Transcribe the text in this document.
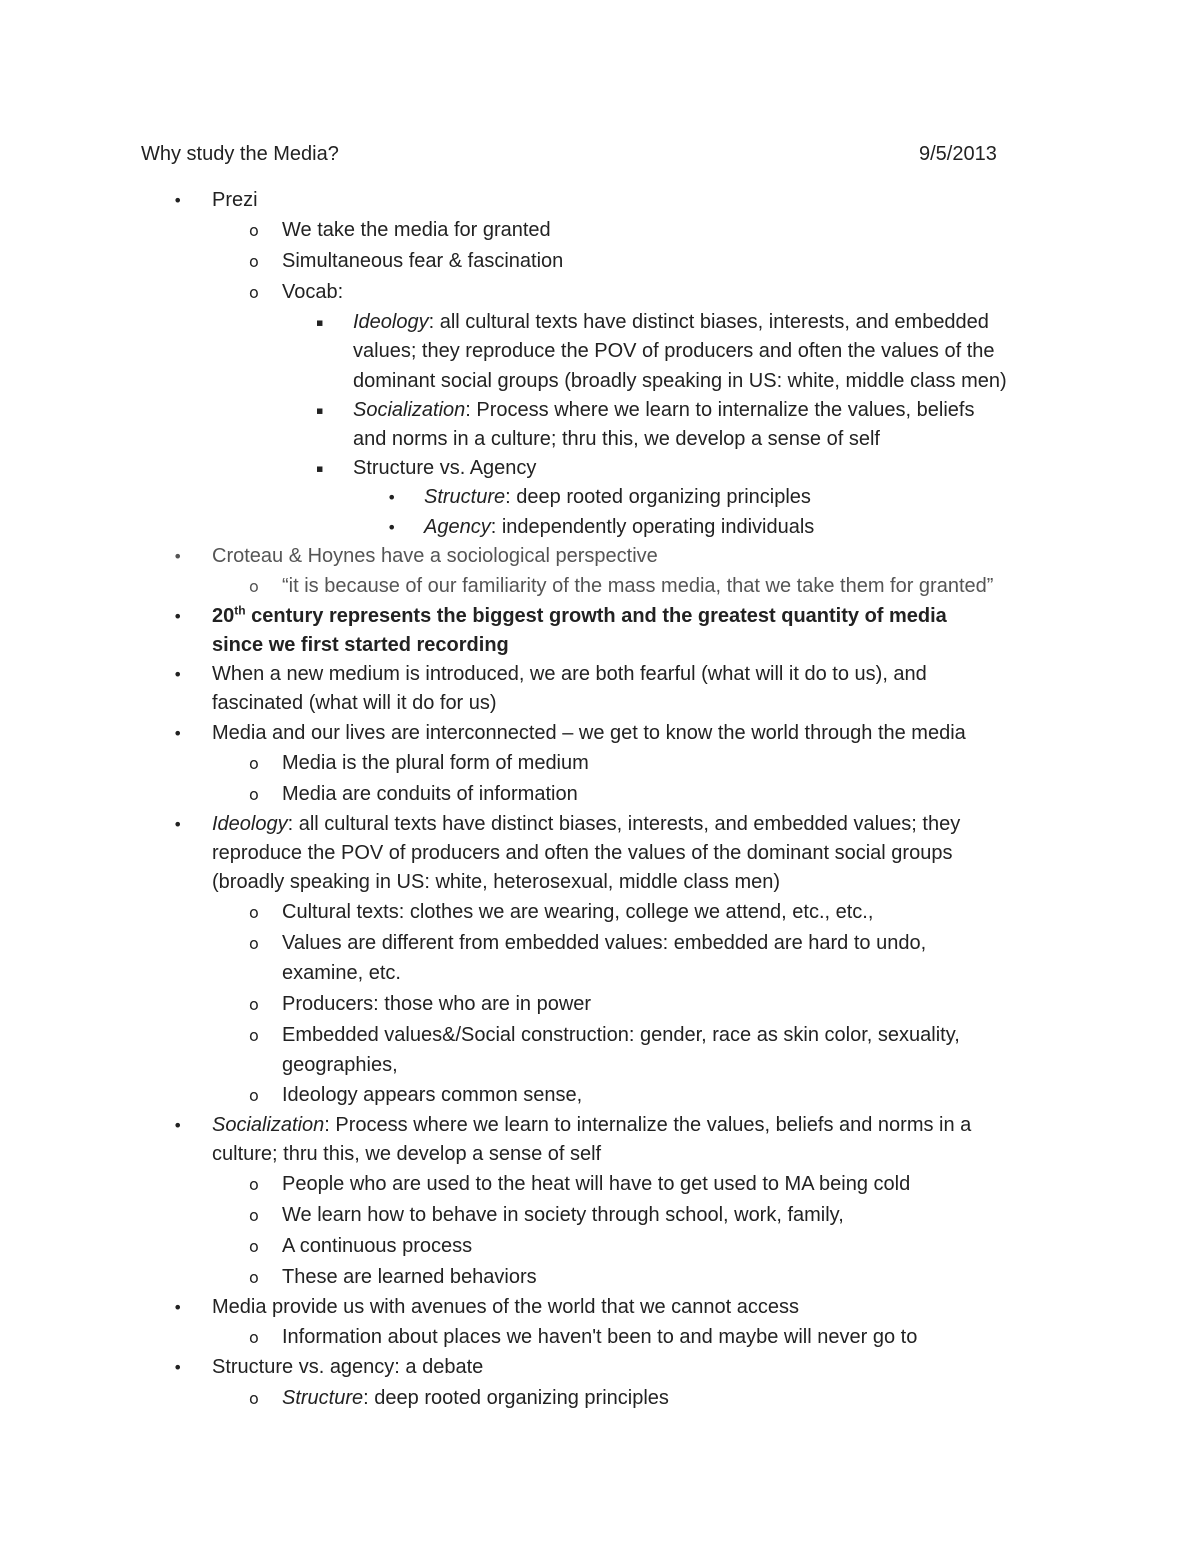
Why study the Media?	9/5/2013
• Prezi
o We take the media for granted
o Simultaneous fear & fascination
o Vocab:
▪ Ideology: all cultural texts have distinct biases, interests, and embedded
values; they reproduce the POV of producers and often the values of the
dominant social groups (broadly speaking in US: white, middle class men)
▪ Socialization: Process where we learn to internalize the values, beliefs
and norms in a culture; thru this, we develop a sense of self
▪ Structure vs. Agency
• Structure: deep rooted organizing principles
• Agency: independently operating individuals
• Croteau & Hoynes have a sociological perspective
o “it is because of our familiarity of the mass media, that we take them for granted”
• 20th century represents the biggest growth and the greatest quantity of media
since we first started recording
• When a new medium is introduced, we are both fearful (what will it do to us), and
fascinated (what will it do for us)
• Media and our lives are interconnected – we get to know the world through the media
o Media is the plural form of medium
o Media are conduits of information
• Ideology: all cultural texts have distinct biases, interests, and embedded values; they
reproduce the POV of producers and often the values of the dominant social groups
(broadly speaking in US: white, heterosexual, middle class men)
o Cultural texts: clothes we are wearing, college we attend, etc., etc.,
o Values are different from embedded values: embedded are hard to undo,
examine, etc.
o Producers: those who are in power
o Embedded values&/Social construction: gender, race as skin color, sexuality,
geographies,
o Ideology appears common sense,
• Socialization: Process where we learn to internalize the values, beliefs and norms in a
culture; thru this, we develop a sense of self
o People who are used to the heat will have to get used to MA being cold
o We learn how to behave in society through school, work, family,
o A continuous process
o These are learned behaviors
• Media provide us with avenues of the world that we cannot access
o Information about places we haven't been to and maybe will never go to
• Structure vs. agency: a debate
o Structure: deep rooted organizing principles
